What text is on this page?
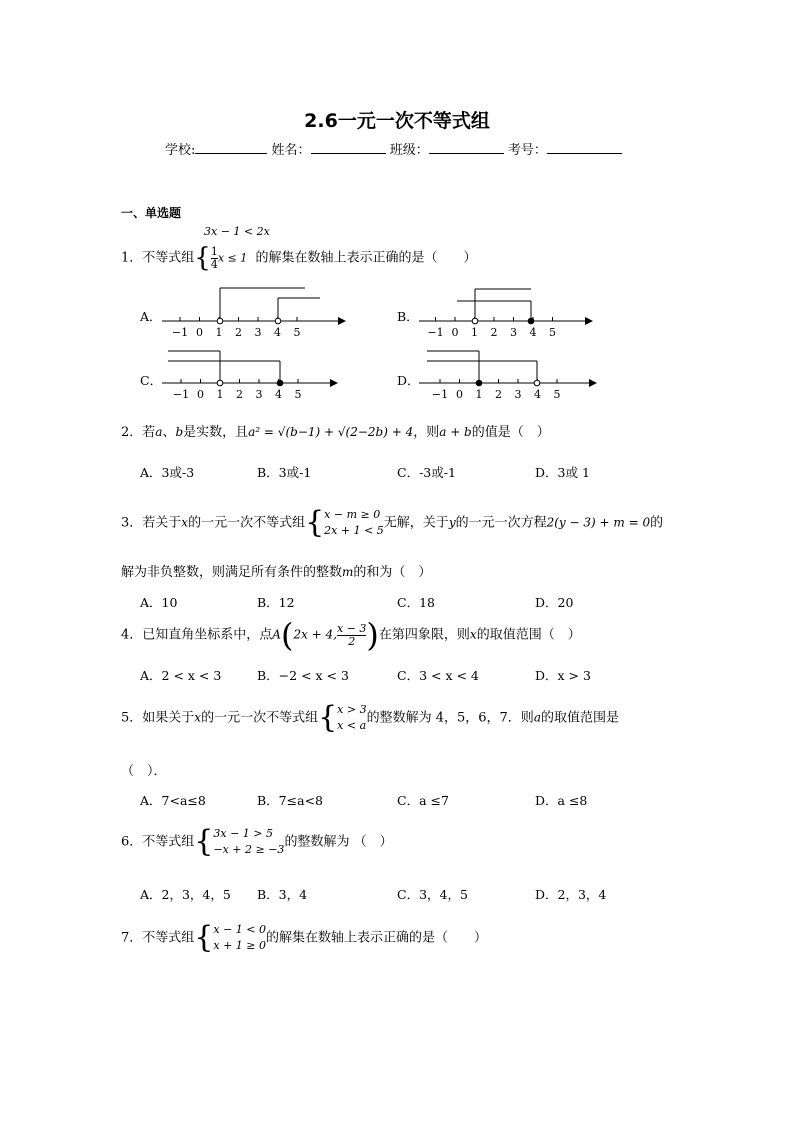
2.6一元一次不等式组
学校:	姓名：	班级：	考号：
一、单选题
3x − 1 < 2x
1．不等式组{ $\frac{1}{4}$ x ≤ 1 的解集在数轴上表示正确的是（　　）
A．	B．
C．	D．
−1 0 1 2 3 4 5	−1 0 1 2 3 4 5
−1 0 1 2 3 4 5	−1 0 1 2 3 4 5
2．若a、b是实数，且a² = √(b−1) + √(2−2b) + 4，则a + b的值是（　）
A．3或-3	B．3或-1	C．-3或-1	D．3或 1
3．若关于x的一元一次不等式组{ x − m ≥ 0
2x + 1 < 5 无解，关于y的一元一次方程2(y − 3) + m = 0的
解为非负整数，则满足所有条件的整数m的和为（　）
A．10	B．12	C．18	D．20
4．已知直角坐标系中，点A(2x + 4, $\frac{x - 3}{2}$ )在第四象限，则x的取值范围（　）
A．2 < x < 3	B．−2 < x < 3	C．3 < x < 4	D．x > 3
5．如果关于x的一元一次不等式组{ x > 3
x < a 的整数解为 4，5，6，7．则a的取值范围是
（　）．
A．7<a≤8	B．7≤a<8	C．a ≤7	D．a ≤8
6．不等式组{ 3x − 1 > 5
−x + 2 ≥ −3 的整数解为 （　）
A．2，3，4，5 B．3，4	C．3，4，5	D．2，3，4
7．不等式组{ x − 1 < 0
x + 1 ≥ 0 的解集在数轴上表示正确的是（　　）
